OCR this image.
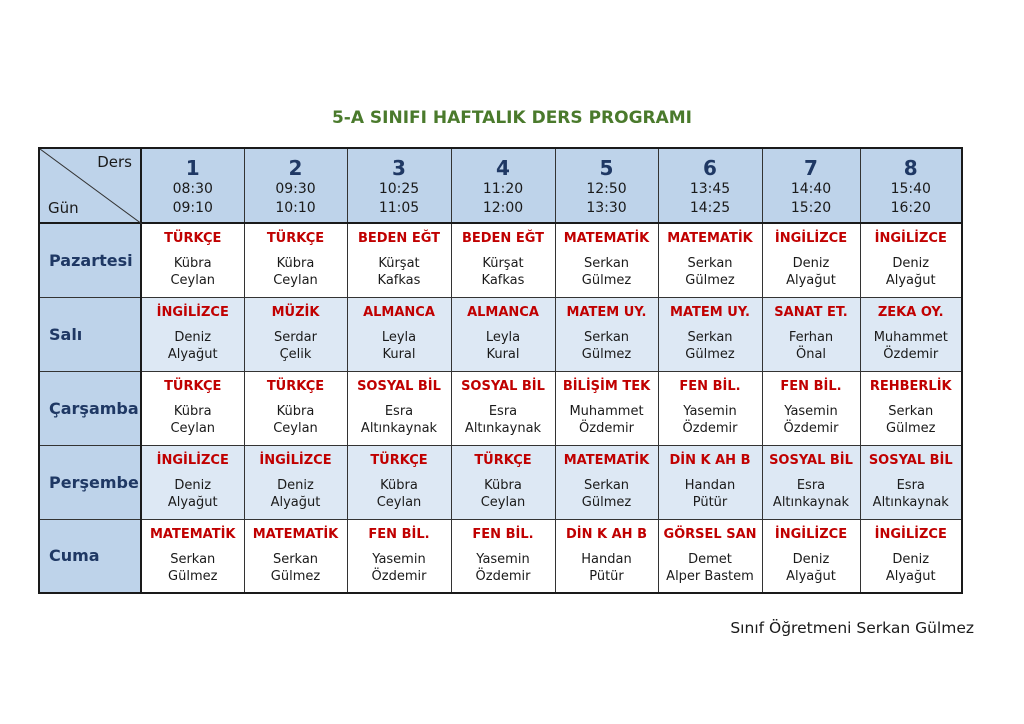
5-A SINIFI HAFTALIK DERS PROGRAMI
Ders
Gün	1
08:30
09:10	2
09:30
10:10	3
10:25
11:05	4
11:20
12:00	5
12:50
13:30	6
13:45
14:25	7
14:40
15:20	8
15:40
16:20

Pazartesi	TÜRKÇE
Kübra
Ceylan	TÜRKÇE
Kübra
Ceylan	BEDEN EĞT
Kürşat
Kafkas	BEDEN EĞT
Kürşat
Kafkas	MATEMATİK
Serkan
Gülmez	MATEMATİK
Serkan
Gülmez	İNGİLİZCE
Deniz
Alyağut	İNGİLİZCE
Deniz
Alyağut

Salı	İNGİLİZCE
Deniz
Alyağut	MÜZİK
Serdar
Çelik	ALMANCA
Leyla
Kural	ALMANCA
Leyla
Kural	MATEM UY.
Serkan
Gülmez	MATEM UY.
Serkan
Gülmez	SANAT ET.
Ferhan
Önal	ZEKA OY.
Muhammet
Özdemir

Çarşamba	TÜRKÇE
Kübra
Ceylan	TÜRKÇE
Kübra
Ceylan	SOSYAL BİL
Esra
Altınkaynak	SOSYAL BİL
Esra
Altınkaynak	BİLİŞİM TEK
Muhammet
Özdemir	FEN BİL.
Yasemin
Özdemir	FEN BİL.
Yasemin
Özdemir	REHBERLİK
Serkan
Gülmez

Perşembe	İNGİLİZCE
Deniz
Alyağut	İNGİLİZCE
Deniz
Alyağut	TÜRKÇE
Kübra
Ceylan	TÜRKÇE
Kübra
Ceylan	MATEMATİK
Serkan
Gülmez	DİN K AH B
Handan
Pütür	SOSYAL BİL
Esra
Altınkaynak	SOSYAL BİL
Esra
Altınkaynak

Cuma	MATEMATİK
Serkan
Gülmez	MATEMATİK
Serkan
Gülmez	FEN BİL.
Yasemin
Özdemir	FEN BİL.
Yasemin
Özdemir	DİN K AH B
Handan
Pütür	GÖRSEL SAN
Demet
Alper Bastem	İNGİLİZCE
Deniz
Alyağut	İNGİLİZCE
Deniz
Alyağut
Sınıf Öğretmeni Serkan Gülmez
